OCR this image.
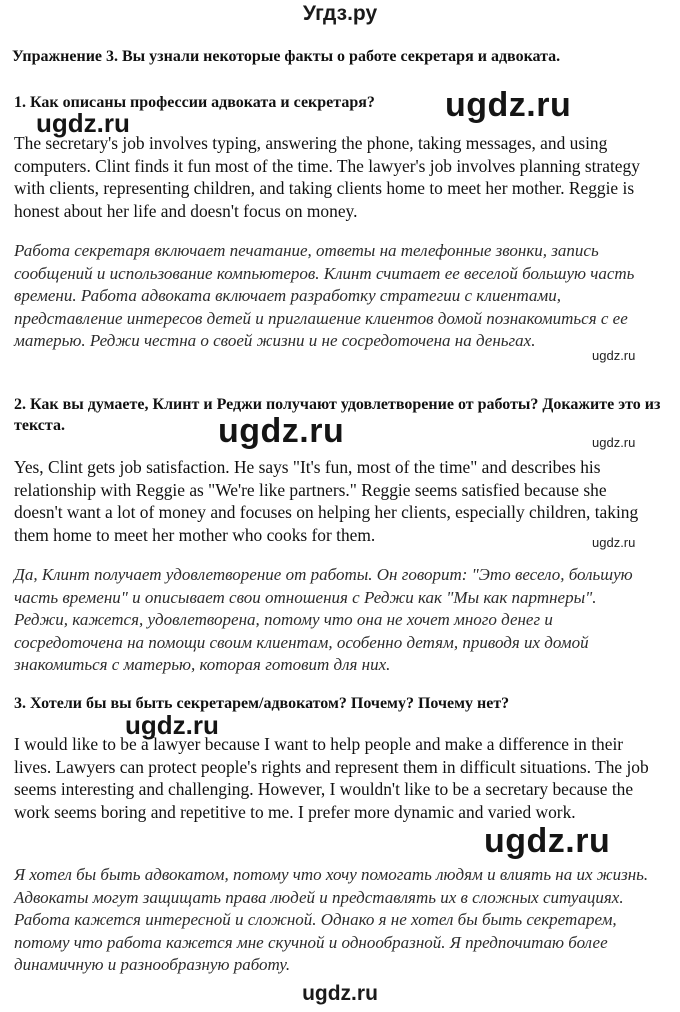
Угдз.ру
Упражнение 3. Вы узнали некоторые факты о работе секретаря и адвоката.
1. Как описаны профессии адвоката и секретаря?
The secretary's job involves typing, answering the phone, taking messages, and using computers. Clint finds it fun most of the time. The lawyer's job involves planning strategy with clients, representing children, and taking clients home to meet her mother. Reggie is honest about her life and doesn't focus on money.
Работа секретаря включает печатание, ответы на телефонные звонки, запись сообщений и использование компьютеров. Клинт считает ее веселой большую часть времени. Работа адвоката включает разработку стратегии с клиентами, представление интересов детей и приглашение клиентов домой познакомиться с ее матерью. Реджи честна о своей жизни и не сосредоточена на деньгах.
2. Как вы думаете, Клинт и Реджи получают удовлетворение от работы? Докажите это из текста.
Yes, Clint gets job satisfaction. He says "It's fun, most of the time" and describes his relationship with Reggie as "We're like partners." Reggie seems satisfied because she doesn't want a lot of money and focuses on helping her clients, especially children, taking them home to meet her mother who cooks for them.
Да, Клинт получает удовлетворение от работы. Он говорит: "Это весело, большую часть времени" и описывает свои отношения с Реджи как "Мы как партнеры". Реджи, кажется, удовлетворена, потому что она не хочет много денег и сосредоточена на помощи своим клиентам, особенно детям, приводя их домой знакомиться с матерью, которая готовит для них.
3. Хотели бы вы быть секретарем/адвокатом? Почему? Почему нет?
I would like to be a lawyer because I want to help people and make a difference in their lives. Lawyers can protect people's rights and represent them in difficult situations. The job seems interesting and challenging. However, I wouldn't like to be a secretary because the work seems boring and repetitive to me. I prefer more dynamic and varied work.
Я хотел бы быть адвокатом, потому что хочу помогать людям и влиять на их жизнь. Адвокаты могут защищать права людей и представлять их в сложных ситуациях. Работа кажется интересной и сложной. Однако я не хотел бы быть секретарем, потому что работа кажется мне скучной и однообразной. Я предпочитаю более динамичную и разнообразную работу.
ugdz.ru
ugdz.ru
ugdz.ru
ugdz.ru	ugdz.ru
ugdz.ru
ugdz.ru
ugdz.ru
ugdz.ru
